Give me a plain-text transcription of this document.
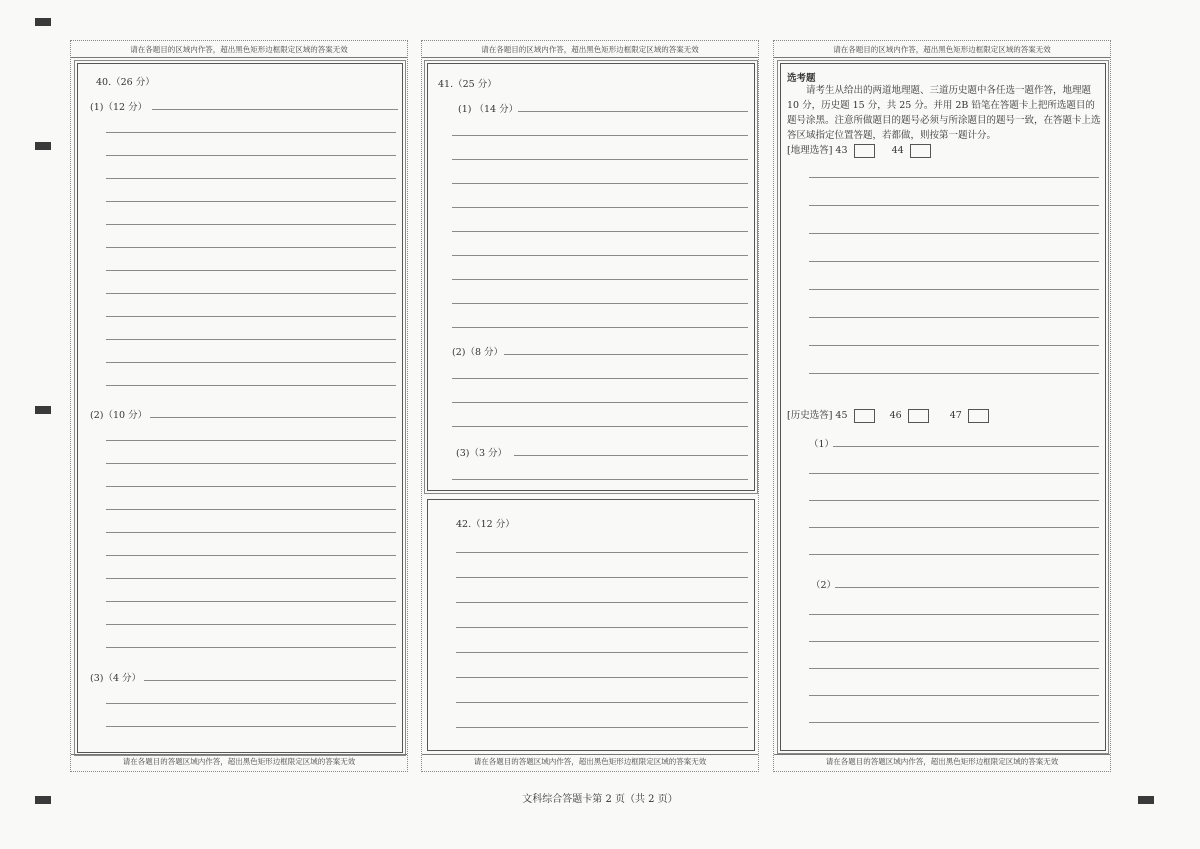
请在各题目的区域内作答，超出黑色矩形边框限定区域的答案无效
40.（26 分）
(1)（12 分）
(2)（10 分）
(3)（4 分）
请在各题目的答题区域内作答，超出黑色矩形边框限定区域的答案无效
请在各题目的区域内作答，超出黑色矩形边框限定区域的答案无效
41.（25 分）
(1) （14 分）
(2)（8 分）
(3)（3 分）
42.（12 分）
请在各题目的答题区域内作答，超出黑色矩形边框限定区域的答案无效
请在各题目的区域内作答，超出黑色矩形边框限定区域的答案无效
选考题
请考生从给出的两道地理题、三道历史题中各任选一题作答，地理题 10 分，历史题 15 分，共 25 分。并用 2B 铅笔在答题卡上把所选题目的题号涂黑。注意所做题目的题号必须与所涂题目的题号一致，在答题卡上选答区域指定位置答题，若都做，则按第一题计分。
[地理选答] 43	44
[历史选答] 45	46	47
（1）
（2）
请在各题目的答题区域内作答，超出黑色矩形边框限定区域的答案无效
文科综合答题卡第 2 页（共 2 页）
